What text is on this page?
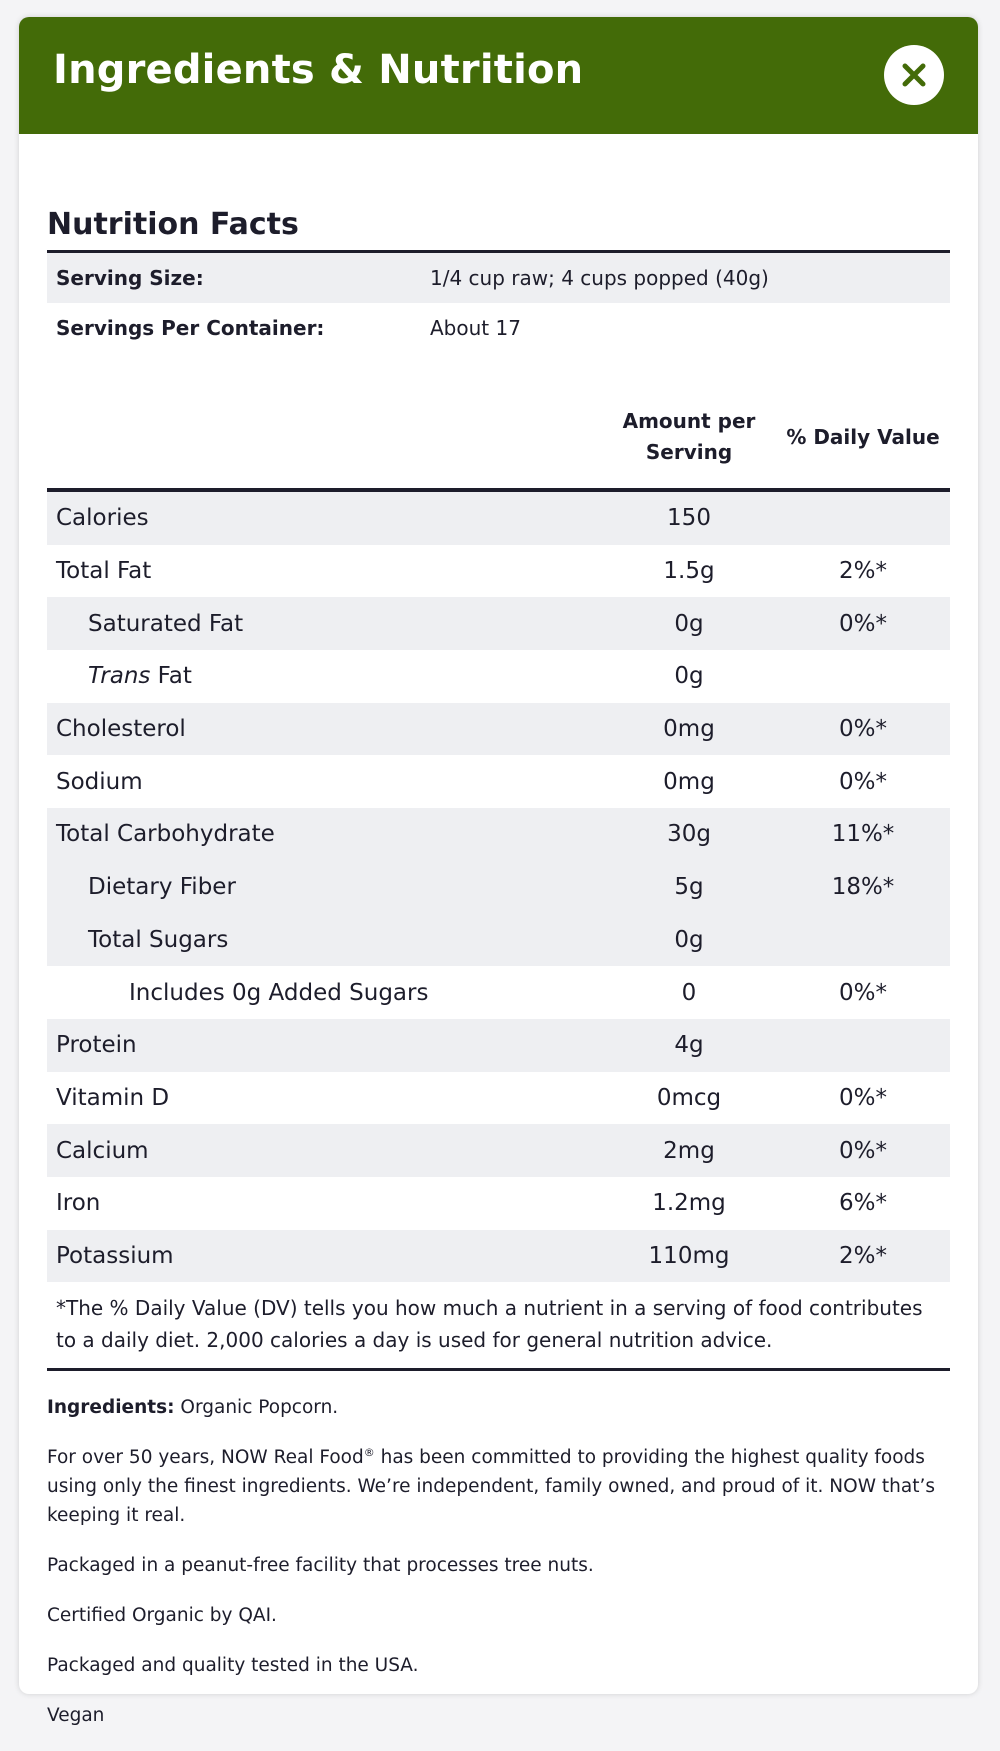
Ingredients & Nutrition
Nutrition Facts
Serving Size:	1/4 cup raw; 4 cups popped (40g)
Servings Per Container:	About 17
Amount per
Serving
% Daily Value
Calories	150
Total Fat	1.5g	2%*
Saturated Fat	0g	0%*
Trans Fat	0g
Cholesterol	0mg	0%*
Sodium	0mg	0%*
Total Carbohydrate	30g	11%*
Dietary Fiber	5g	18%*
Total Sugars	0g
Includes 0g Added Sugars	0	0%*
Protein	4g
Vitamin D	0mcg	0%*
Calcium	2mg	0%*
Iron	1.2mg	6%*
Potassium	110mg	2%*
*The % Daily Value (DV) tells you how much a nutrient in a serving of food contributes to a daily diet. 2,000 calories a day is used for general nutrition advice.

Ingredients: Organic Popcorn.

For over 50 years, NOW Real Food® has been committed to providing the highest quality foods using only the finest ingredients. We’re independent, family owned, and proud of it. NOW that’s keeping it real.

Packaged in a peanut-free facility that processes tree nuts.

Certified Organic by QAI.

Packaged and quality tested in the USA.

Vegan
